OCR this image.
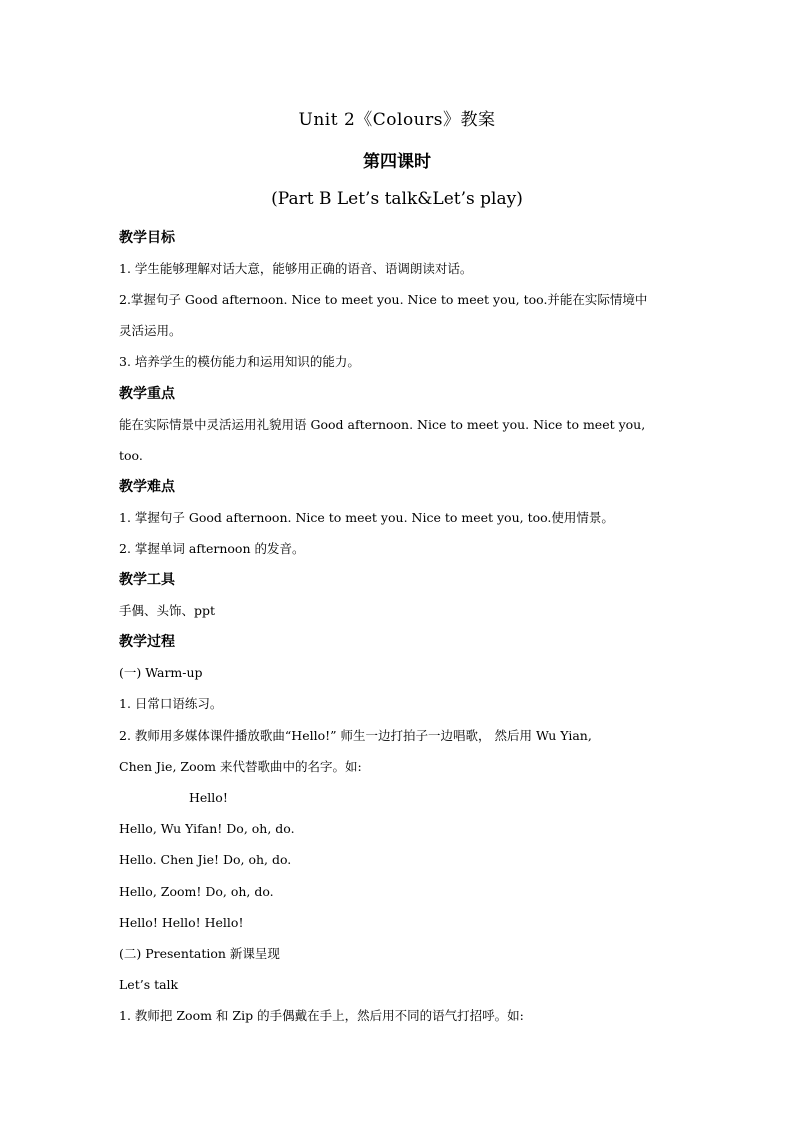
Unit 2《Colours》教案
第四课时
(Part B Let’s talk&Let’s play)
教学目标
1. 学生能够理解对话大意，能够用正确的语音、语调朗读对话。
2.掌握句子 Good afternoon. Nice to meet you. Nice to meet you, too.并能在实际情境中
灵活运用。
3. 培养学生的模仿能力和运用知识的能力。
教学重点
能在实际情景中灵活运用礼貌用语 Good afternoon. Nice to meet you. Nice to meet you,
too.
教学难点
1. 掌握句子 Good afternoon. Nice to meet you. Nice to meet you, too.使用情景。
2. 掌握单词 afternoon 的发音。
教学工具
手偶、头饰、ppt
教学过程
(一) Warm-up
1. 日常口语练习。
2. 教师用多媒体课件播放歌曲“Hello!” 师生一边打拍子一边唱歌， 然后用 Wu Yian,
Chen Jie, Zoom 来代替歌曲中的名字。如:
Hello!
Hello, Wu Yifan! Do, oh, do.
Hello. Chen Jie! Do, oh, do.
Hello, Zoom! Do, oh, do.
Hello! Hello! Hello!
(二) Presentation 新课呈现
Let’s talk
1. 教师把 Zoom 和 Zip 的手偶戴在手上，然后用不同的语气打招呼。如:
